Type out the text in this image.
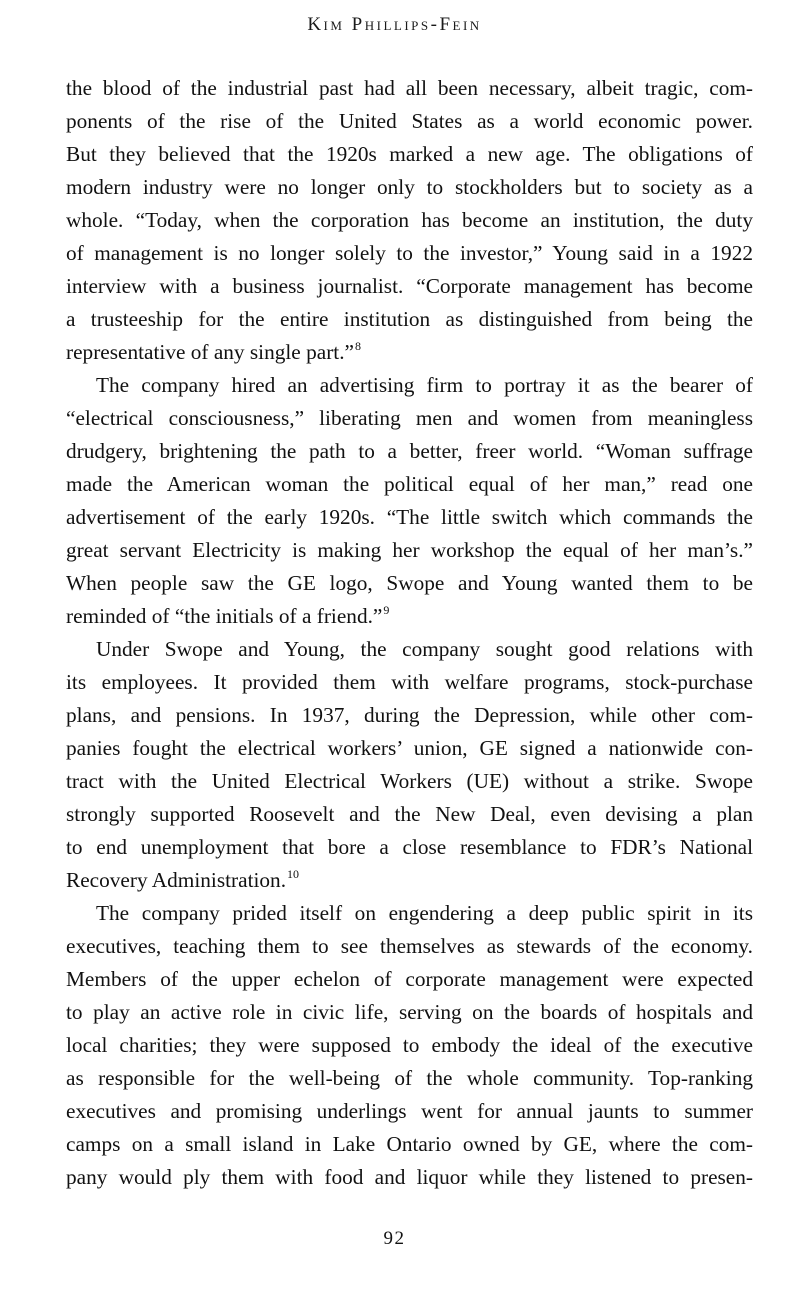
Kim Phillips-Fein
the blood of the industrial past had all been necessary, albeit tragic, com-
ponents of the rise of the United States as a world economic power.
But they believed that the 1920s marked a new age. The obligations of
modern industry were no longer only to stockholders but to society as a
whole. “Today, when the corporation has become an institution, the duty
of management is no longer solely to the investor,” Young said in a 1922
interview with a business journalist. “Corporate management has become
a trusteeship for the entire institution as distinguished from being the
representative of any single part.”$^8$
The company hired an advertising firm to portray it as the bearer of
“electrical consciousness,” liberating men and women from meaningless
drudgery, brightening the path to a better, freer world. “Woman suffrage
made the American woman the political equal of her man,” read one
advertisement of the early 1920s. “The little switch which commands the
great servant Electricity is making her workshop the equal of her man’s.”
When people saw the GE logo, Swope and Young wanted them to be
reminded of “the initials of a friend.”$^9$
Under Swope and Young, the company sought good relations with
its employees. It provided them with welfare programs, stock-purchase
plans, and pensions. In 1937, during the Depression, while other com-
panies fought the electrical workers’ union, GE signed a nationwide con-
tract with the United Electrical Workers (UE) without a strike. Swope
strongly supported Roosevelt and the New Deal, even devising a plan
to end unemployment that bore a close resemblance to FDR’s National
Recovery Administration.$^{10}$
The company prided itself on engendering a deep public spirit in its
executives, teaching them to see themselves as stewards of the economy.
Members of the upper echelon of corporate management were expected
to play an active role in civic life, serving on the boards of hospitals and
local charities; they were supposed to embody the ideal of the executive
as responsible for the well-being of the whole community. Top-ranking
executives and promising underlings went for annual jaunts to summer
camps on a small island in Lake Ontario owned by GE, where the com-
pany would ply them with food and liquor while they listened to presen-
92
